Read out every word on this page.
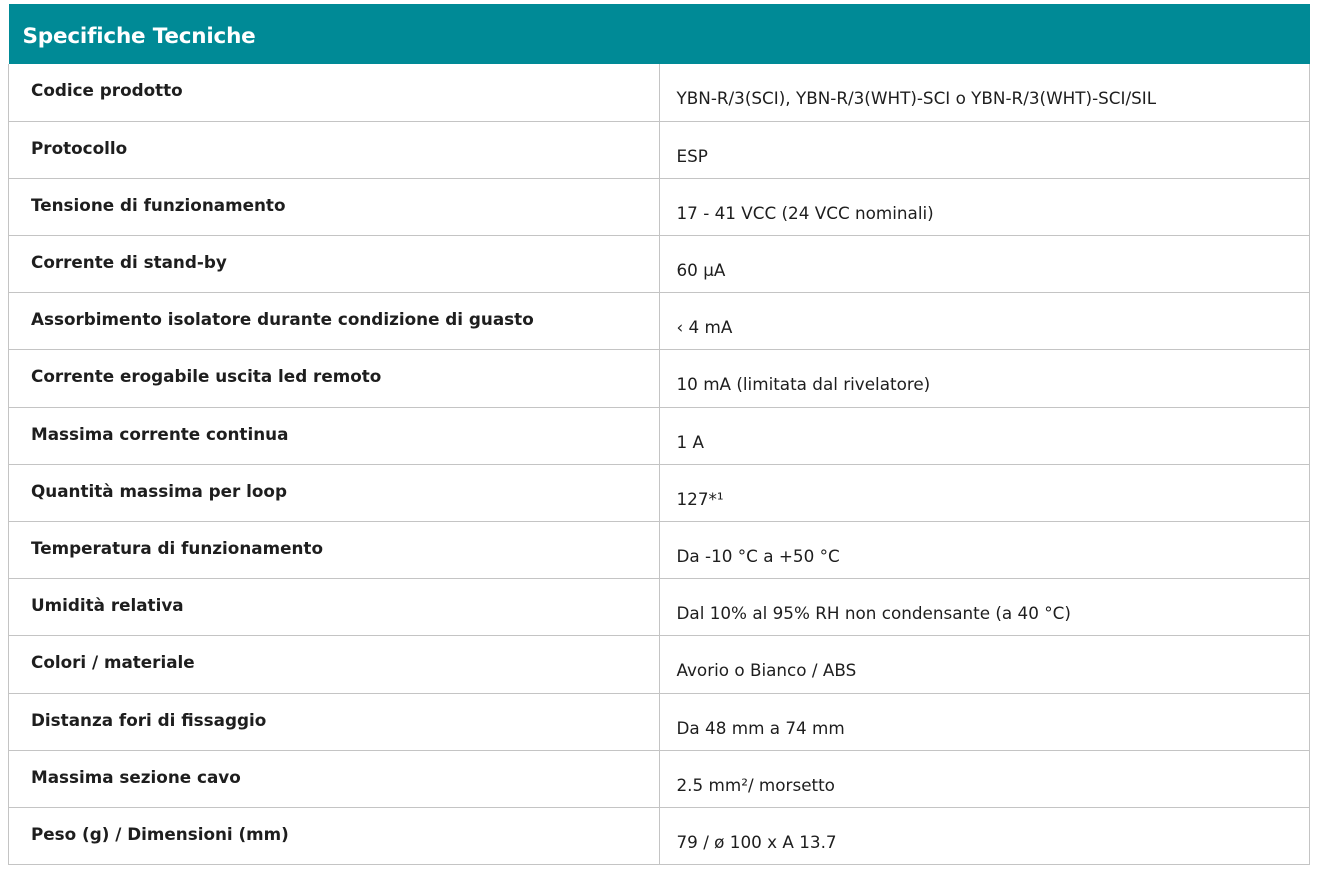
Specifiche Tecniche	
Codice prodotto	YBN-R/3(SCI), YBN-R/3(WHT)-SCI o YBN-R/3(WHT)-SCI/SIL
Protocollo	ESP
Tensione di funzionamento	17 - 41 VCC (24 VCC nominali)
Corrente di stand-by	60 µA
Assorbimento isolatore durante condizione di guasto	‹ 4 mA
Corrente erogabile uscita led remoto	10 mA (limitata dal rivelatore)
Massima corrente continua	1 A
Quantità massima per loop	127*¹
Temperatura di funzionamento	Da -10 °C a +50 °C
Umidità relativa	Dal 10% al 95% RH non condensante (a 40 °C)
Colori / materiale	Avorio o Bianco / ABS
Distanza fori di fissaggio	Da 48 mm a 74 mm
Massima sezione cavo	2.5 mm²/ morsetto
Peso (g) / Dimensioni (mm)	79 / ø 100 x A 13.7
